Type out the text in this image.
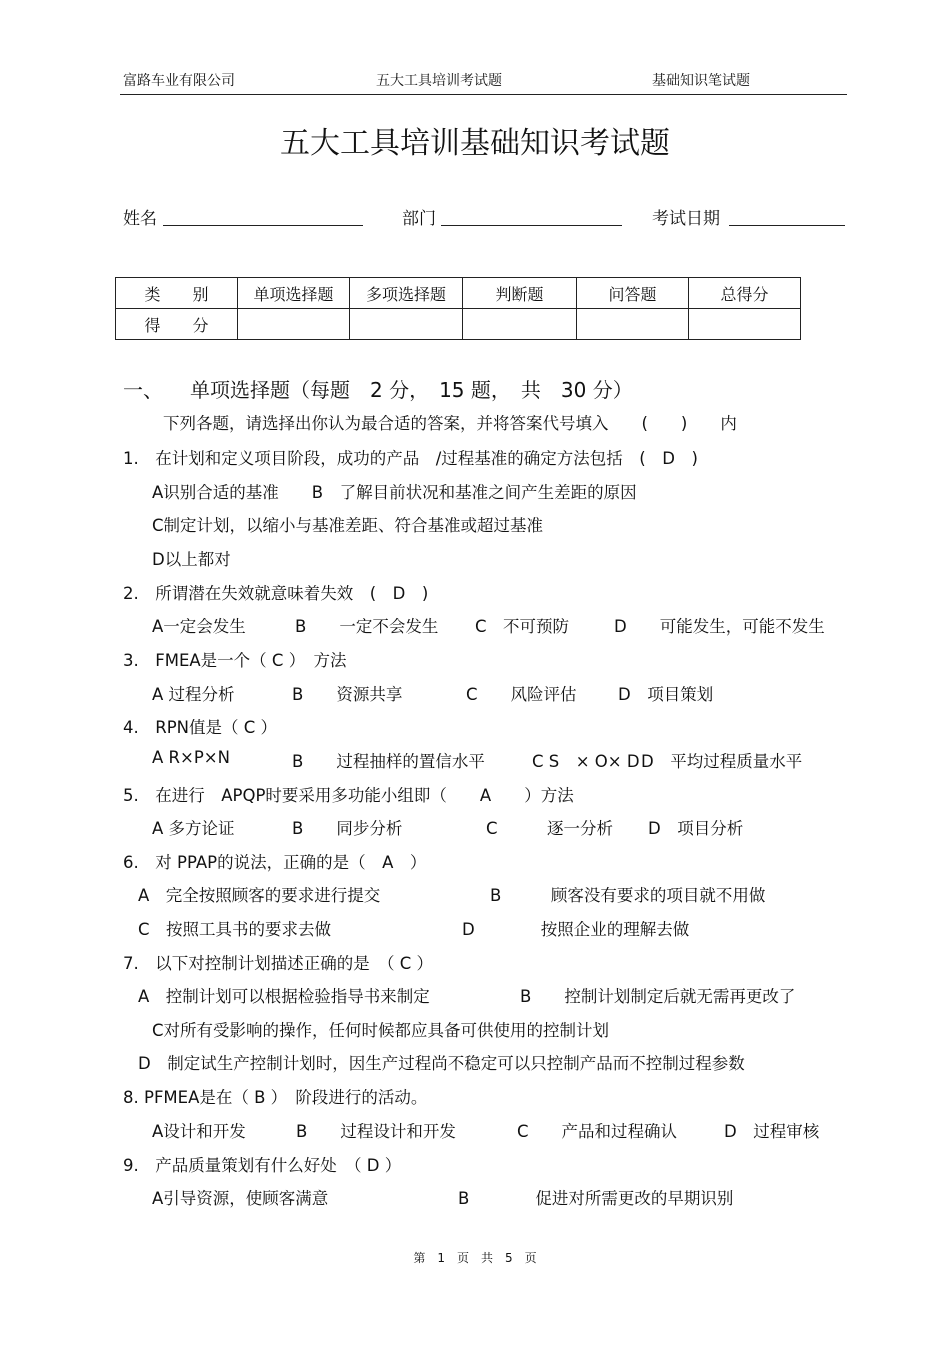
富路车业有限公司	五大工具培训考试题	基础知识笔试题
五大工具培训基础知识考试题
姓名	部门	考试日期
类　　别	单项选择题	多项选择题	判断题	问答题	总得分
得　　分					
一、 单项选择题（每题　2 分，　15 题，　共　30 分）
下列各题，请选择出你认为最合适的答案，并将答案代号填入　　(　　)　　内
1.　在计划和定义项目阶段，成功的产品　/过程基准的确定方法包括　(　D　)
A识别合适的基准　　B　了解目前状况和基准之间产生差距的原因
C制定计划，以缩小与基准差距、符合基准或超过基准
D以上都对
2.　所谓潜在失效就意味着失效　(　D　)
A一定会发生	B　　一定不会发生 C　不可预防	D　　可能发生，可能不发生
3.　FMEA是一个（ C ）　方法
A 过程分析	B　　资源共享	C　　风险评估	D　项目策划
4.　RPN值是（ C ）
A R×P×N	B　　过程抽样的置信水平	C S　× O× D D　平均过程质量水平
5.　在进行　APQP时要采用多功能小组即（　　A　　）方法
A 多方论证	B　　同步分析	C　　　逐一分析 D　项目分析
6.　对 PPAP的说法，正确的是（　A　）
A　完全按照顾客的要求进行提交	B　　　顾客没有要求的项目就不用做
C　按照工具书的要求去做	D　　　　按照企业的理解去做
7.　以下对控制计划描述正确的是　（ C ）
A　控制计划可以根据检验指导书来制定	B　　控制计划制定后就无需再更改了
C对所有受影响的操作，任何时候都应具备可供使用的控制计划
D　制定试生产控制计划时，因生产过程尚不稳定可以只控制产品而不控制过程参数
8. PFMEA是在（ B ）　阶段进行的活动。
A设计和开发	B　　过程设计和开发	C　　产品和过程确认	D　过程审核
9.　产品质量策划有什么好处　（ D ）
A引导资源，使顾客满意	B　　　　促进对所需更改的早期识别
第　1　页　共　5　页
